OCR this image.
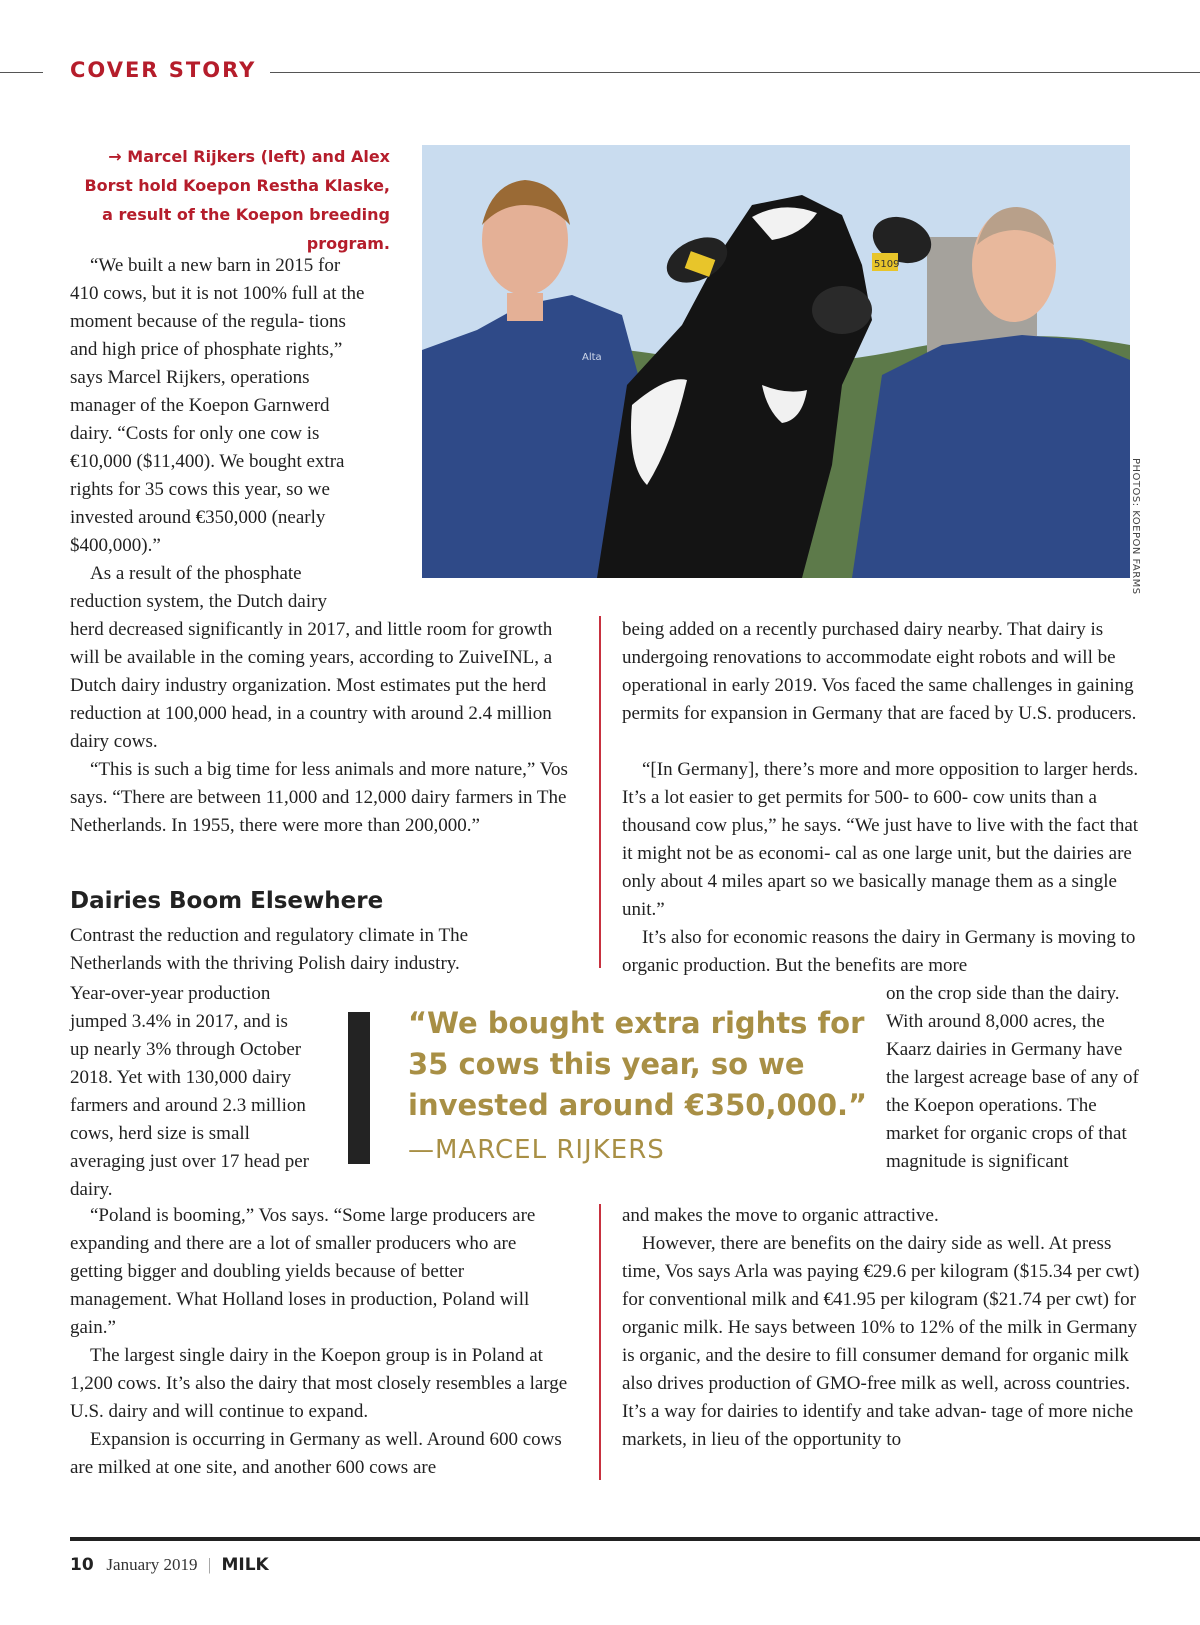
COVER STORY
→ Marcel Rijkers (left) and Alex Borst hold Koepon Restha Klaske, a result of the Koepon breeding program.
5109
Alta
PHOTOS: KOEPON FARMS

“We built a new barn in 2015 for 410 cows, but it is not 100% full at the moment because of the regula- tions and high price of phosphate rights,” says Marcel Rijkers, operations manager of the Koepon Garnwerd dairy. “Costs for only one cow is €10,000 ($11,400). We bought extra rights for 35 cows this year, so we invested around €350,000 (nearly $400,000).”

As a result of the phosphate reduction system, the Dutch dairy

herd decreased significantly in 2017, and little room for growth will be available in the coming years, according to ZuiveINL, a Dutch dairy industry organization. Most estimates put the herd reduction at 100,000 head, in a country with around 2.4 million dairy cows.

“This is such a big time for less animals and more nature,” Vos says. “There are between 11,000 and 12,000 dairy farmers in The Netherlands. In 1955, there were more than 200,000.”

Dairies Boom Elsewhere

Contrast the reduction and regulatory climate in The Netherlands with the thriving Polish dairy industry.

Year-over-year production jumped 3.4% in 2017, and is up nearly 3% through October 2018. Yet with 130,000 dairy farmers and around 2.3 million cows, herd size is small averaging just over 17 head per dairy.

“Poland is booming,” Vos says. “Some large producers are expanding and there are a lot of smaller producers who are getting bigger and doubling yields because of better management. What Holland loses in production, Poland will gain.”

The largest single dairy in the Koepon group is in Poland at 1,200 cows. It’s also the dairy that most closely resembles a large U.S. dairy and will continue to expand.

Expansion is occurring in Germany as well. Around 600 cows are milked at one site, and another 600 cows are

being added on a recently purchased dairy nearby. That dairy is undergoing renovations to accommodate eight robots and will be operational in early 2019. Vos faced the same challenges in gaining permits for expansion in Germany that are faced by U.S. producers.

“[In Germany], there’s more and more opposition to larger herds. It’s a lot easier to get permits for 500- to 600- cow units than a thousand cow plus,” he says. “We just have to live with the fact that it might not be as economi- cal as one large unit, but the dairies are only about 4 miles apart so we basically manage them as a single unit.”

It’s also for economic reasons the dairy in Germany is moving to organic production. But the benefits are more

on the crop side than the dairy. With around 8,000 acres, the Kaarz dairies in Germany have the largest acreage base of any of the Koepon operations. The market for organic crops of that magnitude is significant

and makes the move to organic attractive.

However, there are benefits on the dairy side as well. At press time, Vos says Arla was paying €29.6 per kilogram ($15.34 per cwt) for conventional milk and €41.95 per kilogram ($21.74 per cwt) for organic milk. He says between 10% to 12% of the milk in Germany is organic, and the desire to fill consumer demand for organic milk also drives production of GMO-free milk as well, across countries. It’s a way for dairies to identify and take advan- tage of more niche markets, in lieu of the opportunity to

“We bought extra rights for 35 cows this year, so we invested around €350,000.”
—MARCEL RIJKERS
10 January 2019 | MILK
